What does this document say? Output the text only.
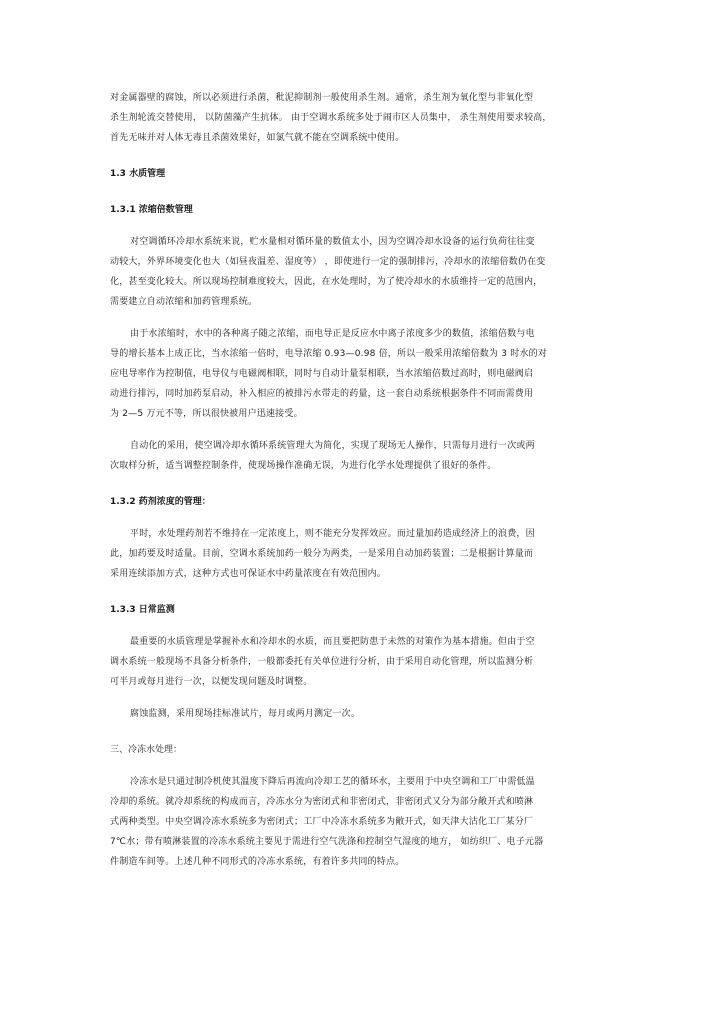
对金属器壁的腐蚀，所以必须进行杀菌，秕泥抑制剂一般使用杀生剂。通常，杀生剂为氧化型与非氧化型
杀生剂轮流交替使用， 以防菌藻产生抗体。 由于空调水系统多处于闹市区人员集中， 杀生剂使用要求较高，
首先无味并对人体无毒且杀菌效果好，如氯气就不能在空调系统中使用。
1.3 水质管理
1.3.1 浓缩倍数管理
对空调循环冷却水系统来说，贮水量相对循环量的数值太小，因为空调冷却水设备的运行负荷往往变
动较大，外界环境变化也大（如昼夜温差、湿度等） ，即使进行一定的强制排污，冷却水的浓缩倍数仍在变
化，甚至变化较大。所以现场控制难度较大，因此，在水处理时，为了使冷却水的水质维持一定的范围内，
需要建立自动浓缩和加药管理系统。
由于水浓缩时，水中的各种离子随之浓缩，而电导正是反应水中离子浓度多少的数值，浓缩倍数与电
导的增长基本上成正比，当水浓缩一倍时，电导浓缩 0.93—0.98 倍，所以一般采用浓缩倍数为 3 时水的对
应电导率作为控制值，电导仪与电磁阀相联，同时与自动计量泵相联，当水浓缩倍数过高时，则电磁阀启
动进行排污，同时加药泵启动，补入相应的被排污水带走的药量，这一套自动系统根据条件不同而需费用
为 2—5 万元不等，所以很快被用户迅速接受。
自动化的采用，使空调冷却水循环系统管理大为简化，实现了现场无人操作，只需每月进行一次或两
次取样分析，适当调整控制条件，使现场操作准确无误，为进行化学水处理提供了很好的条件。
1.3.2 药剂浓度的管理：
平时，水处理药剂若不维持在一定浓度上，则不能充分发挥效应。而过量加药造成经济上的浪费，因
此，加药要及时适量。目前，空调水系统加药一般分为两类，一是采用自动加药装置；二是根据计算量而
采用连续添加方式，这种方式也可保证水中药量浓度在有效范围内。
1.3.3 日常监测
最重要的水质管理是掌握补水和冷却水的水质，而且要把防患于未然的对策作为基本措施。但由于空
调水系统一般现场不具备分析条件，一般都委托有关单位进行分析，由于采用自动化管理，所以监测分析
可半月或每月进行一次，以便发现问题及时调整。
腐蚀监测，采用现场挂标准试片，每月或两月测定一次。
三、冷冻水处理：
冷冻水是只通过制冷机使其温度下降后再流向冷却工艺的循环水，主要用于中央空调和工厂中需低温
冷却的系统。就冷却系统的构成而言，冷冻水分为密闭式和非密闭式，非密闭式又分为部分敞开式和喷淋
式两种类型。中央空调冷冻水系统多为密闭式；工厂中冷冻水系统多为敞开式，如天津大沽化工厂某分厂
7℃水；带有喷淋装置的冷冻水系统主要见于需进行空气洗涤和控制空气湿度的地方， 如纺织厂、电子元器
件制造车间等。上述几种不同形式的冷冻水系统，有着许多共同的特点。
